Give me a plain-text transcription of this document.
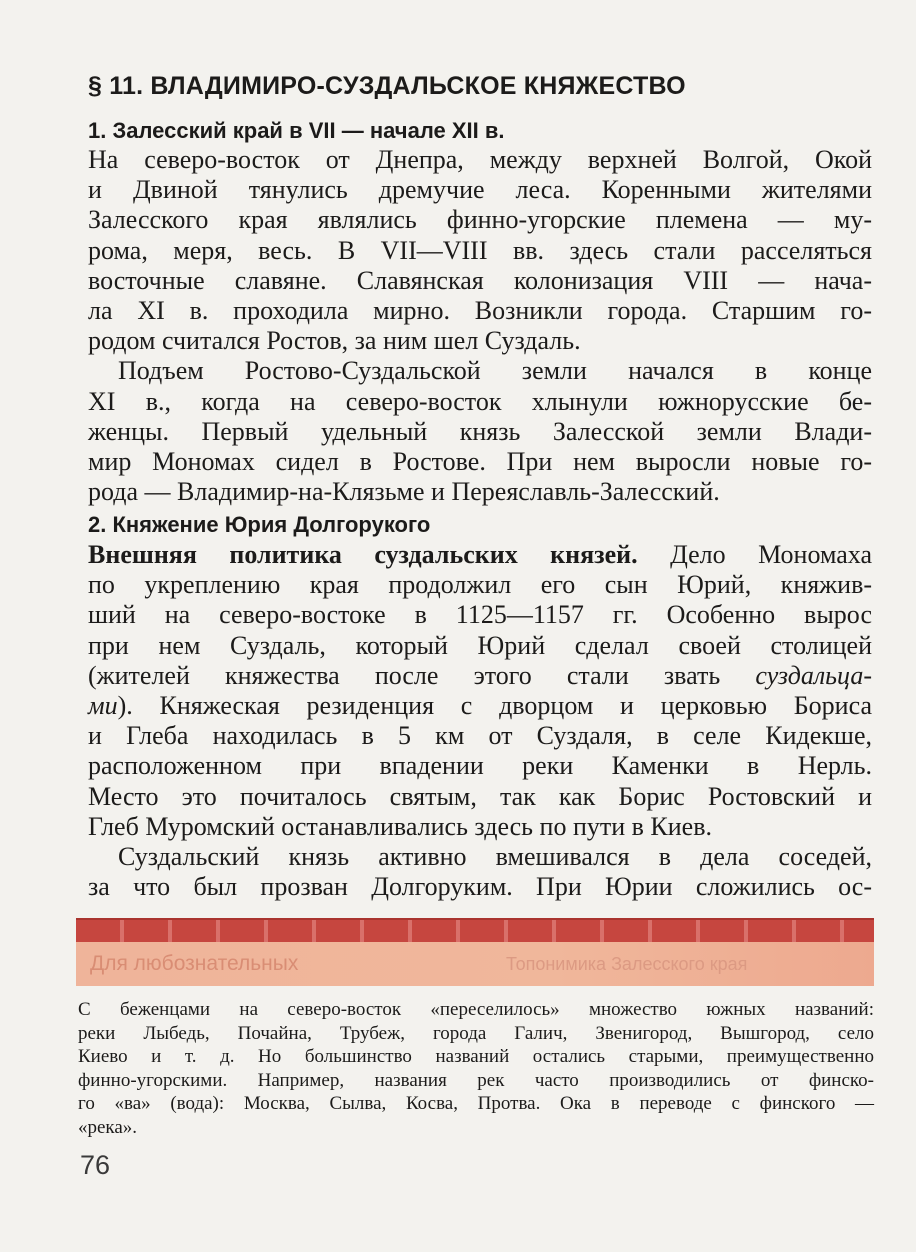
§ 11. ВЛАДИМИРО-СУЗДАЛЬСКОЕ КНЯЖЕСТВО
1. Залесский край в VII — начале XII в.
На северо-восток от Днепра, между верхней Волгой, Окой
и Двиной тянулись дремучие леса. Коренными жителями
Залесского края являлись финно-угорские племена — му-
рома, меря, весь. В VII—VIII вв. здесь стали расселяться
восточные славяне. Славянская колонизация VIII — нача-
ла XI в. проходила мирно. Возникли города. Старшим го-
родом считался Ростов, за ним шел Суздаль.
Подъем Ростово-Суздальской земли начался в конце
XI в., когда на северо-восток хлынули южнорусские бе-
женцы. Первый удельный князь Залесской земли Влади-
мир Мономах сидел в Ростове. При нем выросли новые го-
рода — Владимир-на-Клязьме и Переяславль-Залесский.
2. Княжение Юрия Долгорукого
Внешняя политика суздальских князей. Дело Мономаха
по укреплению края продолжил его сын Юрий, княжив-
ший на северо-востоке в 1125—1157 гг. Особенно вырос
при нем Суздаль, который Юрий сделал своей столицей
(жителей княжества после этого стали звать суздальца-
ми). Княжеская резиденция с дворцом и церковью Бориса
и Глеба находилась в 5 км от Суздаля, в селе Кидекше,
расположенном при впадении реки Каменки в Нерль.
Место это почиталось святым, так как Борис Ростовский и
Глеб Муромский останавливались здесь по пути в Киев.
Суздальский князь активно вмешивался в дела соседей,
за что был прозван Долгоруким. При Юрии сложились ос-
Для любознательных	Топонимика Залесского края
С беженцами на северо-восток «переселилось» множество южных названий:
реки Лыбедь, Почайна, Трубеж, города Галич, Звенигород, Вышгород, село
Киево и т. д. Но большинство названий остались старыми, преимущественно
финно-угорскими. Например, названия рек часто производились от финско-
го «ва» (вода): Москва, Сылва, Косва, Протва. Ока в переводе с финского —
«река».
76
